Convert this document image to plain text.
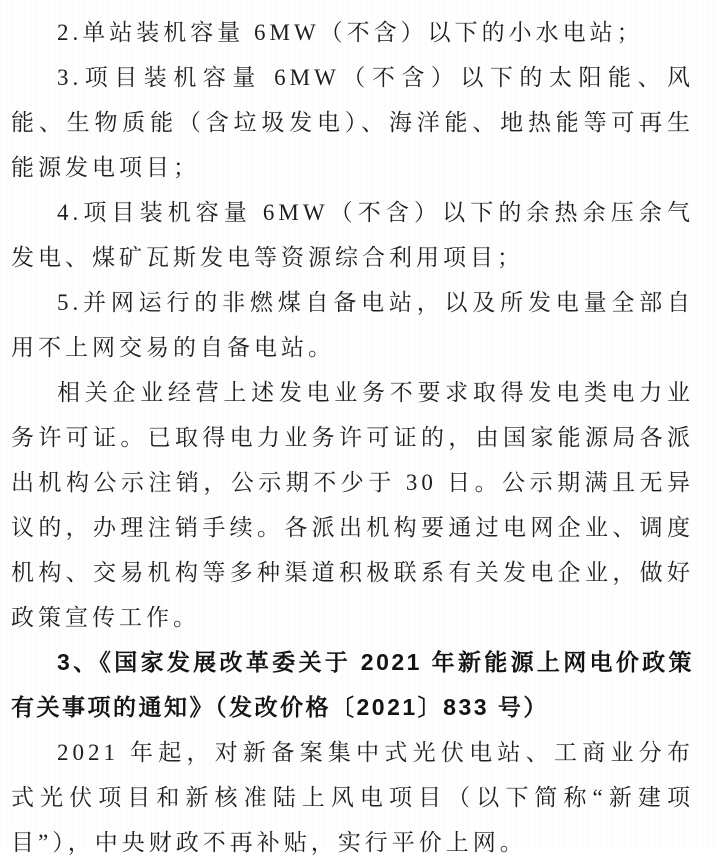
2.单站装机容量 6MW（不含）以下的小水电站；

3.项目装机容量 6MW（不含）以下的太阳能、风能、生物质能（含垃圾发电）、海洋能、地热能等可再生能源发电项目；

4.项目装机容量 6MW（不含）以下的余热余压余气发电、煤矿瓦斯发电等资源综合利用项目；

5.并网运行的非燃煤自备电站，以及所发电量全部自用不上网交易的自备电站。

相关企业经营上述发电业务不要求取得发电类电力业务许可证。已取得电力业务许可证的，由国家能源局各派出机构公示注销，公示期不少于 30 日。公示期满且无异议的，办理注销手续。各派出机构要通过电网企业、调度机构、交易机构等多种渠道积极联系有关发电企业，做好政策宣传工作。

3、《国家发展改革委关于 2021 年新能源上网电价政策有关事项的通知》（发改价格〔2021〕833 号）

2021 年起，对新备案集中式光伏电站、工商业分布式光伏项目和新核准陆上风电项目（以下简称“新建项目”），中央财政不再补贴，实行平价上网。
